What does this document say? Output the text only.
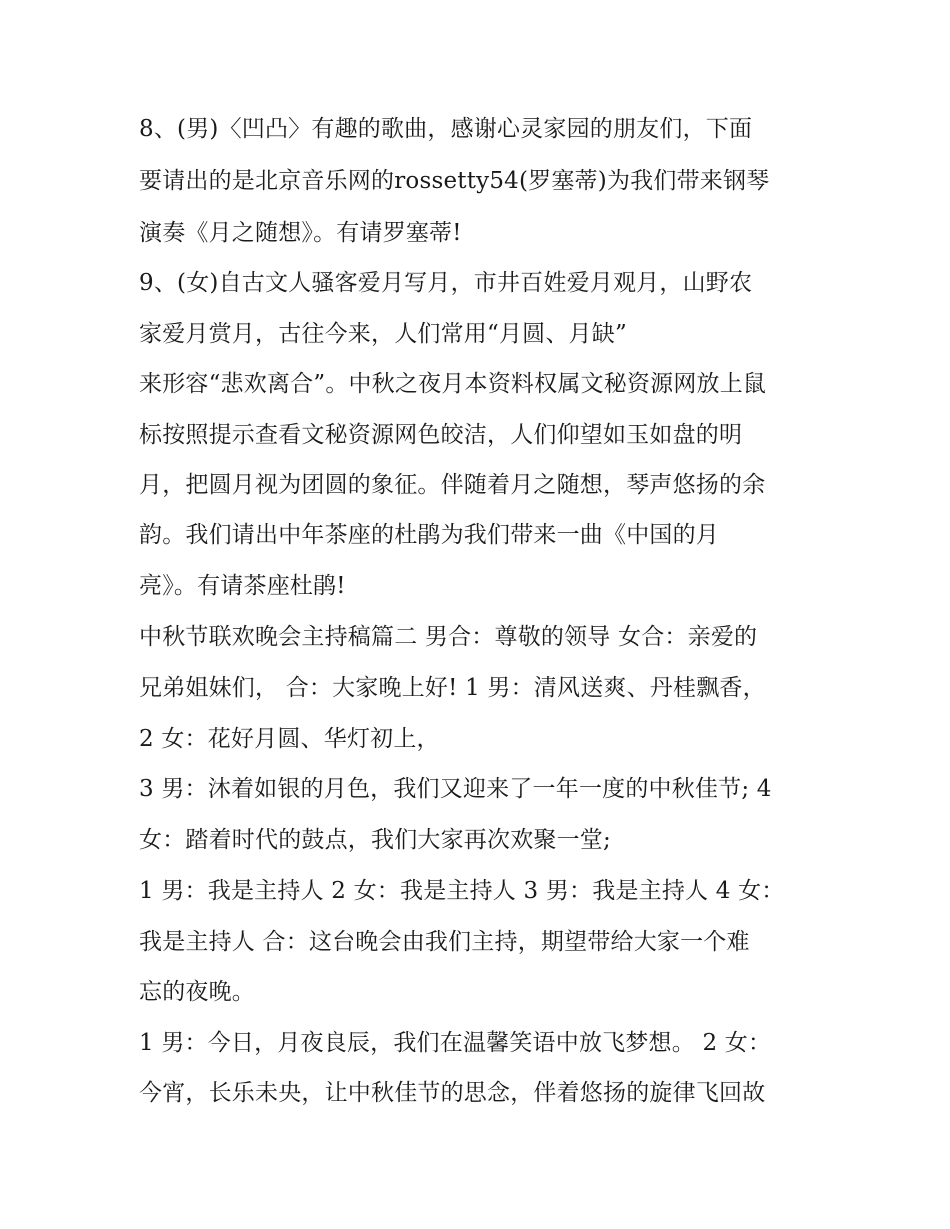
8、(男)〈凹凸〉有趣的歌曲，感谢心灵家园的朋友们，下面
要请出的是北京音乐网的rossetty54(罗塞蒂)为我们带来钢琴
演奏《月之随想》。有请罗塞蒂!
9、(女)自古文人骚客爱月写月，市井百姓爱月观月，山野农
家爱月赏月，古往今来，人们常用“月圆、月缺”
来形容“悲欢离合”。中秋之夜月本资料权属文秘资源网放上鼠
标按照提示查看文秘资源网色皎洁，人们仰望如玉如盘的明
月，把圆月视为团圆的象征。伴随着月之随想，琴声悠扬的余
韵。我们请出中年茶座的杜鹃为我们带来一曲《中国的月
亮》。有请茶座杜鹃!
中秋节联欢晚会主持稿篇二 男合：尊敬的领导 女合：亲爱的
兄弟姐妹们， 合：大家晚上好! 1 男：清风送爽、丹桂飘香，
2 女：花好月圆、华灯初上，
3 男：沐着如银的月色，我们又迎来了一年一度的中秋佳节; 4
女：踏着时代的鼓点，我们大家再次欢聚一堂;
1 男：我是主持人 2 女：我是主持人 3 男：我是主持人 4 女：
我是主持人 合：这台晚会由我们主持，期望带给大家一个难
忘的夜晚。
1 男：今日，月夜良辰，我们在温馨笑语中放飞梦想。 2 女：
今宵，长乐未央，让中秋佳节的思念，伴着悠扬的旋律飞回故
